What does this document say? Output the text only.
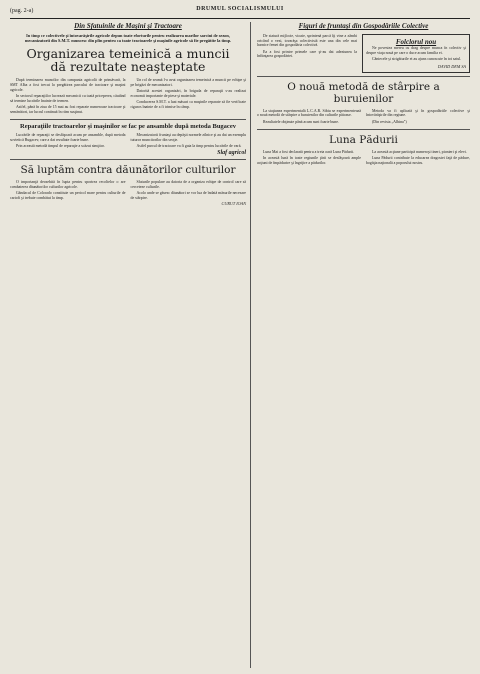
(pag. 2-a)	DRUMUL SOCIALISMULUI
Din Sfatuinile de Maşini şi Tractoare
In timp ce colectivele şi întovarăşirile agricole depun toate eforturile pentru realizarea marilor sarcini de sezon, mecanizatorii din S.M.T. muncesc din plin pentru ca toate tractoarele şi maşinile agricole să fie pregătite la timp.
Organizarea temeinică a muncii
dă rezultate neaşteptate

După terminarea muncilor din campania agricolă de primăvară, la SMT Alba a fost trecut la pregătirea parcului de tractoare şi maşini agricole.

In sectorul reparaţiilor lucrează mecanicii cu toată priceperea, căutând să termine lucrările înainte de termen.

Astfel, până în ziua de 15 mai au fost reparate numeroase tractoare şi semănători, iar lucrul continuă în ritm susţinut.

Un rol de seamă l-a avut organizarea temeinică a muncii pe echipe şi pe brigăzi de mecanizatori.

Datorită acestei organizări, în brigada de reparaţii s-au realizat economii importante de piese şi materiale.

Conducerea S.M.T. a luat măsuri ca maşinile reparate să fie verificate riguros înainte de a fi trimise în câmp.

Reparaţiile tractoarelor şi maşinilor se fac pe ansamble după metoda Bugacev

Lucrările de reparaţii se desfăşoară acum pe ansamble, după metoda sovietică Bugacev, care a dat rezultate foarte bune.

Prin această metodă timpul de reparaţie a scăzut simţitor.

Mecanizatorii fruntaşi au depăşit normele zilnice şi au dat un exemplu tuturor muncitorilor din secţie.

Astfel parcul de tractoare va fi gata la timp pentru lucrările de vară.

Slaf agricol
Să luptăm contra dăunătorilor culturilor

O importanţă deosebită în lupta pentru sporirea recoltelor o are combaterea dăunătorilor culturilor agricole.

Gândacul de Colorado constituie un pericol mare pentru culturile de cartofi şi trebuie combătut la timp.

Sfaturile populare au datoria de a organiza echipe de control care să cerceteze culturile.

Acolo unde se găsesc dăunători se vor lua de îndată măsurile necesare de stârpire.

CURUT IOAN
Figuri de fruntaşi din Gospodăriile Colective

De statură mijlocie, vioaie, sprintenă parcă îţi vine a zâmbi oricând o vezi, tovarăşa colectivistă este una din cele mai harnice femei din gospodăria colectivă.

Ea a fost printre primele care şi-au dat adeziunea la înfiinţarea gospodăriei.

Folclorul nou

Ne povestea mereu cu drag despre munca în colectiv şi despre viaţa nouă pe care o duce acum familia ei.

Cântecele şi strigăturile ei au ajuns cunoscute în tot satul.

DAVID DEM SA
O nouă metodă de stârpire a buruienilor

La staţiunea experimentală L.C.A.R. Sibiu se experimentează o nouă metodă de stârpire a buruienilor din culturile păioase.

Rezultatele obţinute până acum sunt foarte bune.

Metoda va fi aplicată şi în gospodăriile colective şi întovărăşirile din regiune.

(Din revista „Albina")

Luna Pădurii

Luna Mai a fost declarată pentru a treia oară Luna Pădurii.

In această lună în toate regiunile ţării se desfăşoară ample acţiuni de împădurire şi îngrijire a pădurilor.

La această acţiune participă numeroşi tineri, pionieri şi elevi.

Luna Pădurii contribuie la educarea dragostei faţă de pădure, bogăţia naţională a poporului nostru.
